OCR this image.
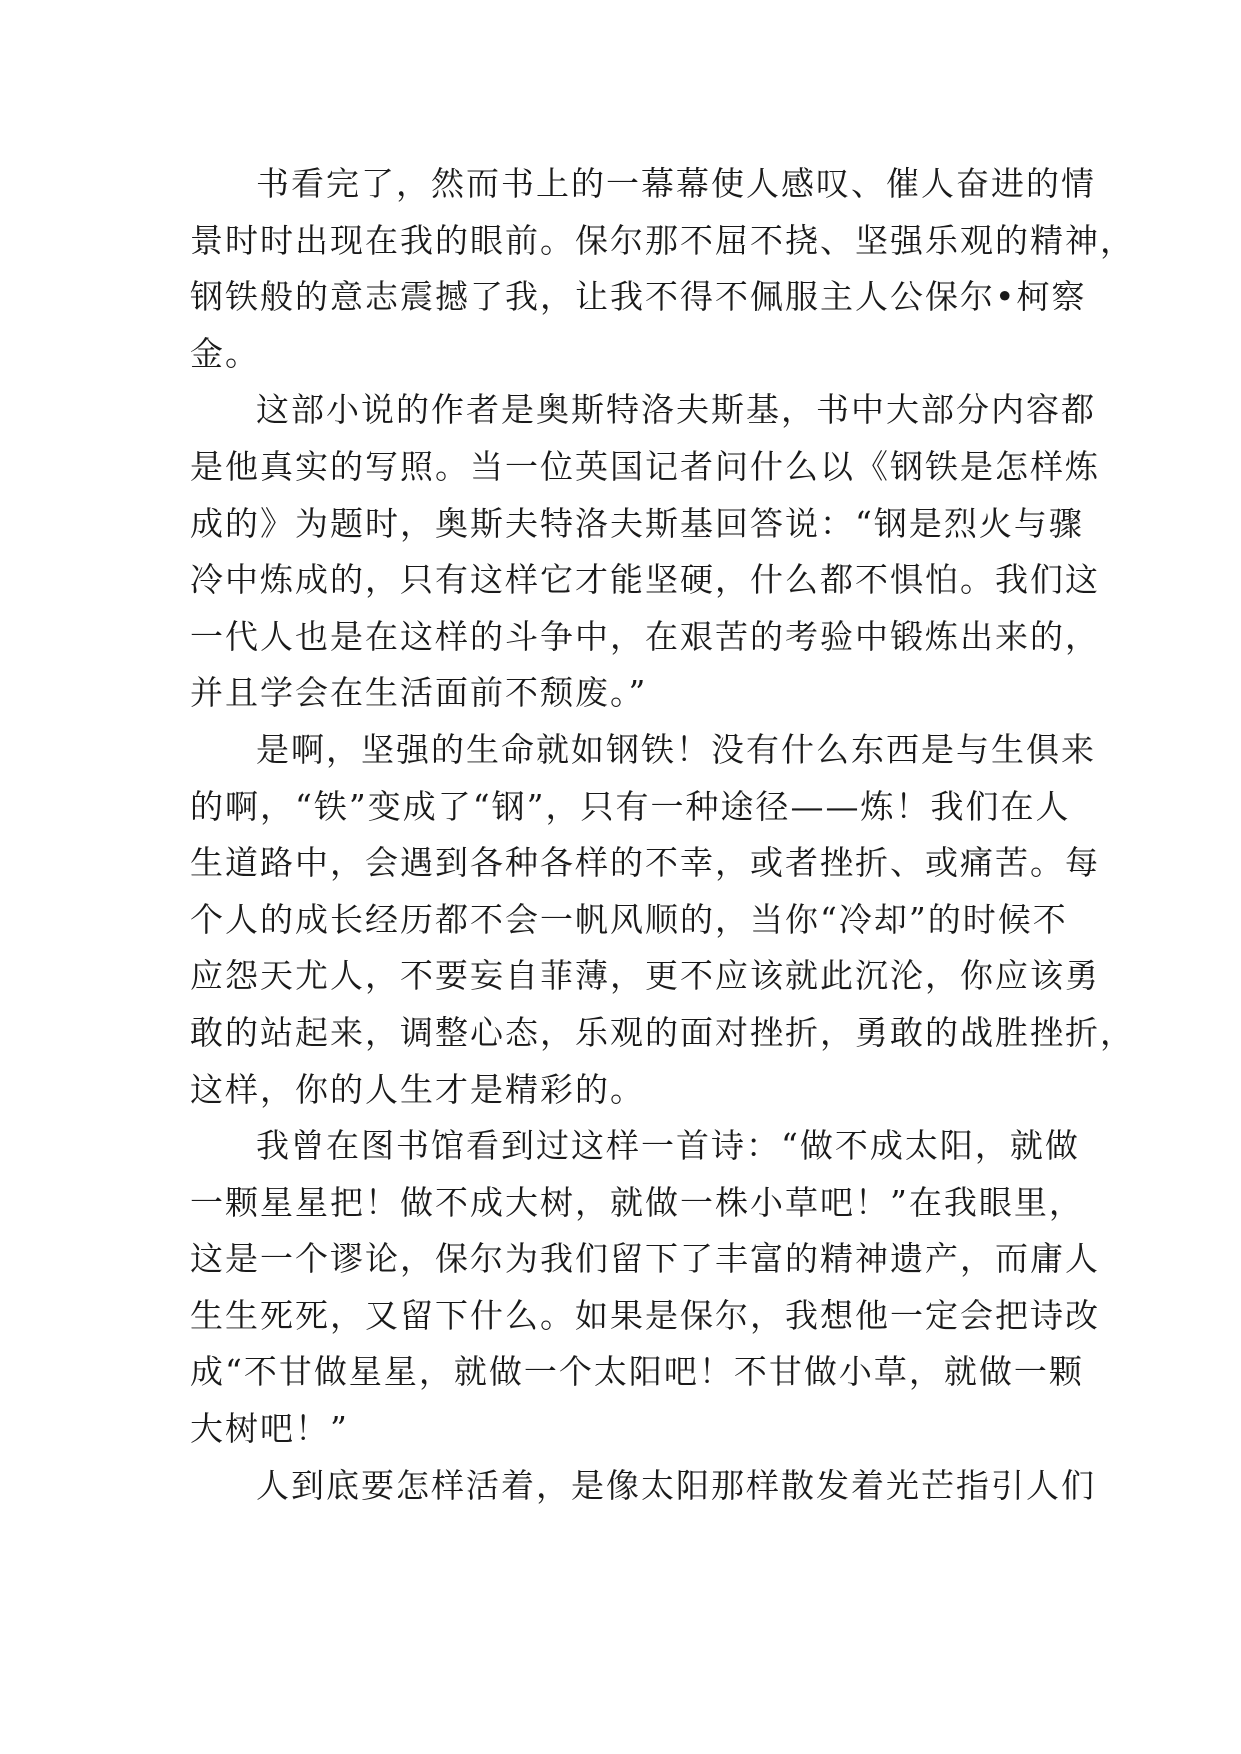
书看完了，然而书上的一幕幕使人感叹、催人奋进的情
景时时出现在我的眼前。保尔那不屈不挠、坚强乐观的精神，
钢铁般的意志震撼了我，让我不得不佩服主人公保尔•柯察
金。
这部小说的作者是奥斯特洛夫斯基，书中大部分内容都
是他真实的写照。当一位英国记者问什么以《钢铁是怎样炼
成的》为题时，奥斯夫特洛夫斯基回答说：“钢是烈火与骤
冷中炼成的，只有这样它才能坚硬，什么都不惧怕。我们这
一代人也是在这样的斗争中，在艰苦的考验中锻炼出来的，
并且学会在生活面前不颓废。”
是啊，坚强的生命就如钢铁！没有什么东西是与生俱来
的啊，“铁”变成了“钢”，只有一种途径——炼！我们在人
生道路中，会遇到各种各样的不幸，或者挫折、或痛苦。每
个人的成长经历都不会一帆风顺的，当你“冷却”的时候不
应怨天尤人，不要妄自菲薄，更不应该就此沉沦，你应该勇
敢的站起来，调整心态，乐观的面对挫折，勇敢的战胜挫折，
这样，你的人生才是精彩的。
我曾在图书馆看到过这样一首诗：“做不成太阳，就做
一颗星星把！做不成大树，就做一株小草吧！”在我眼里，
这是一个谬论，保尔为我们留下了丰富的精神遗产，而庸人
生生死死，又留下什么。如果是保尔，我想他一定会把诗改
成“不甘做星星，就做一个太阳吧！不甘做小草，就做一颗
大树吧！”
人到底要怎样活着，是像太阳那样散发着光芒指引人们
